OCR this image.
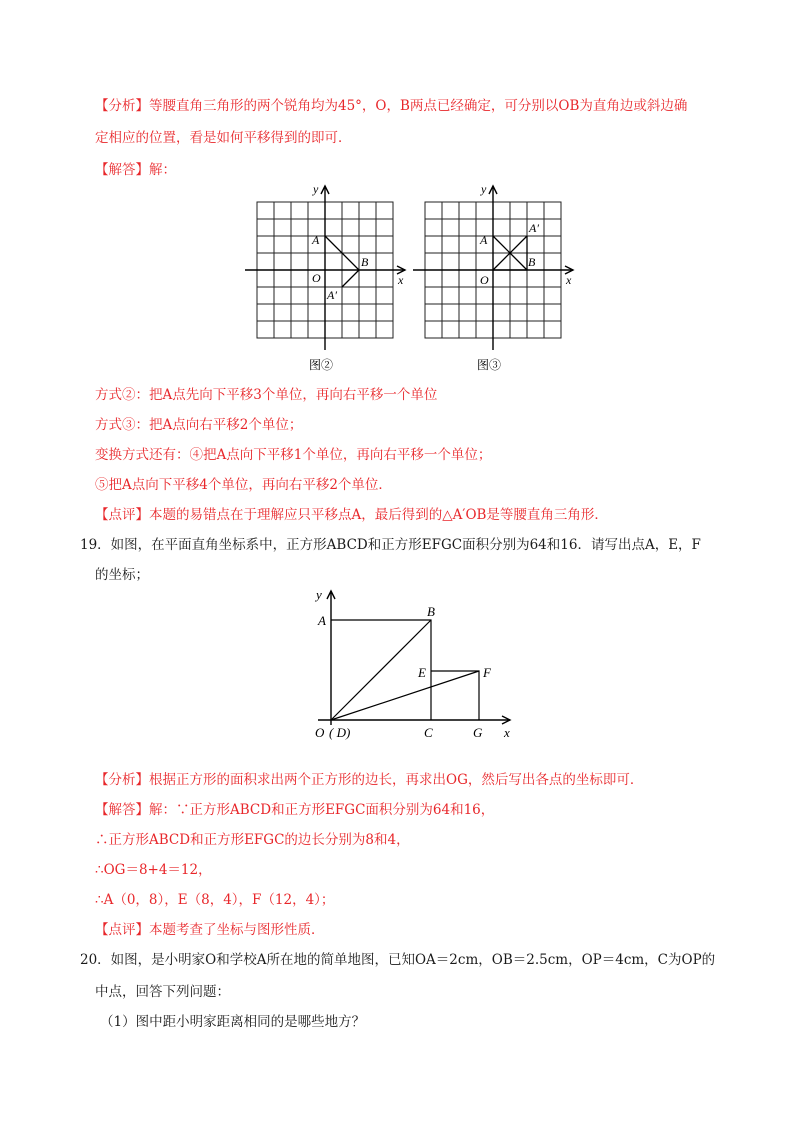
【分析】等腰直角三角形的两个锐角均为45°，O，B两点已经确定，可分别以OB为直角边或斜边确
定相应的位置，看是如何平移得到的即可．
【解答】解：
y
x
A
B
O
A′
图②
y
x
A
B
O
A′
图③
方式②：把A点先向下平移3个单位，再向右平移一个单位
方式③：把A点向右平移2个单位；
变换方式还有：④把A点向下平移1个单位，再向右平移一个单位；
⑤把A点向下平移4个单位，再向右平移2个单位．
【点评】本题的易错点在于理解应只平移点A，最后得到的△A′OB是等腰直角三角形．
19．如图，在平面直角坐标系中，正方形ABCD和正方形EFGC面积分别为64和16．请写出点A，E，F
的坐标；
y
x
A
B
E	F
O ( D)	C	G
【分析】根据正方形的面积求出两个正方形的边长，再求出OG，然后写出各点的坐标即可．
【解答】解：∵正方形ABCD和正方形EFGC面积分别为64和16，
∴正方形ABCD和正方形EFGC的边长分别为8和4，
∴OG＝8+4＝12，
∴A（0，8），E（8，4），F（12，4）；
【点评】本题考查了坐标与图形性质．
20．如图，是小明家O和学校A所在地的简单地图，已知OA＝2cm，OB＝2.5cm，OP＝4cm，C为OP的
中点，回答下列问题：
（1）图中距小明家距离相同的是哪些地方？
